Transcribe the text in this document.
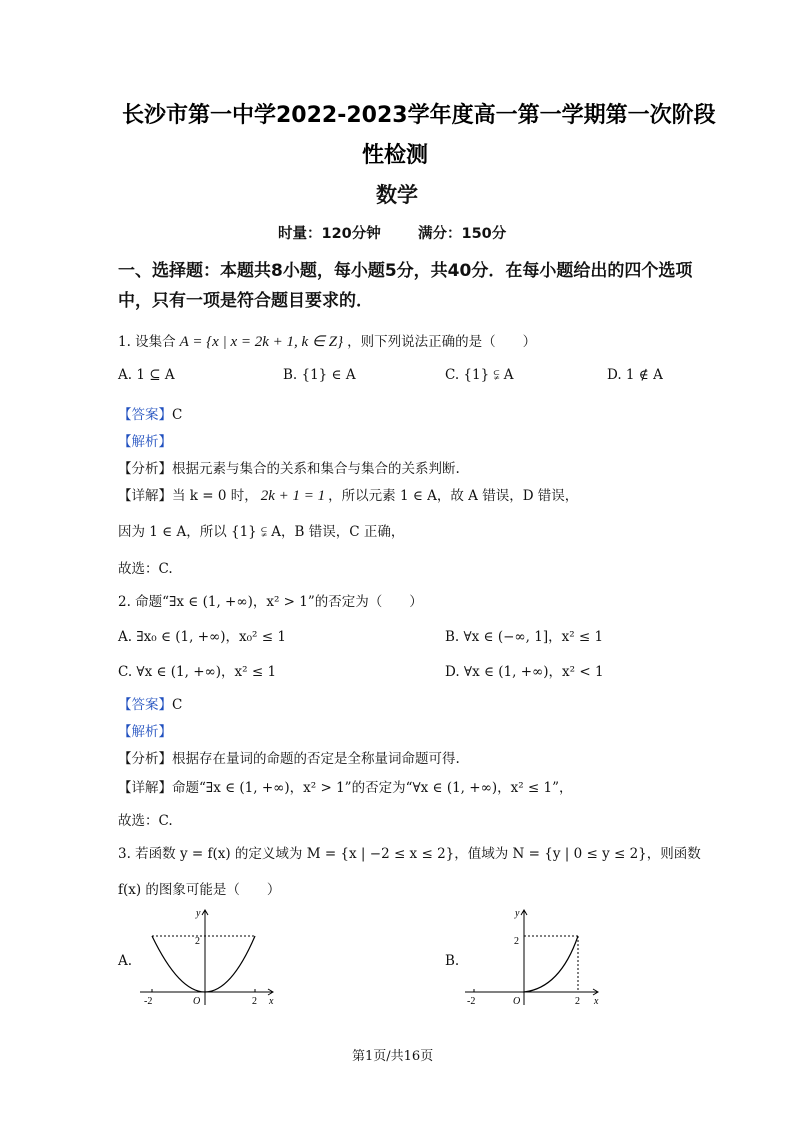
长沙市第一中学2022-2023学年度高一第一学期第一次阶段
性检测
数学
时量：120分钟	满分：150分
一、选择题：本题共8小题，每小题5分，共40分．在每小题给出的四个选项
中，只有一项是符合题目要求的．
1. 设集合 A = {x | x = 2k + 1, k ∈ Z} ，则下列说法正确的是（　　）
A. 1 ⊆ A	B. {1} ∈ A	C. {1} ⫋ A	D. 1 ∉ A
【答案】C
【解析】
【分析】根据元素与集合的关系和集合与集合的关系判断.
【详解】当 k = 0 时， 2k + 1 = 1 ，所以元素 1 ∈ A，故 A 错误，D 错误，
因为 1 ∈ A，所以 {1} ⫋ A，B 错误，C 正确，
故选：C.
2. 命题“∃x ∈ (1, +∞)，x² > 1”的否定为（　　）
A. ∃x₀ ∈ (1, +∞)，x₀² ≤ 1	B. ∀x ∈ (−∞, 1]，x² ≤ 1
C. ∀x ∈ (1, +∞)，x² ≤ 1	D. ∀x ∈ (1, +∞)，x² < 1
【答案】C
【解析】
【分析】根据存在量词的命题的否定是全称量词命题可得.
【详解】命题“∃x ∈ (1, +∞)，x² > 1”的否定为“∀x ∈ (1, +∞)，x² ≤ 1”，
故选：C.
3. 若函数 y = f(x) 的定义域为 M = {x | −2 ≤ x ≤ 2}，值域为 N = {y | 0 ≤ y ≤ 2}，则函数
f(x) 的图象可能是（　　）
A.
y
x
2
O
-2	2
B.
y
x
2
O
-2	2
第1页/共16页
